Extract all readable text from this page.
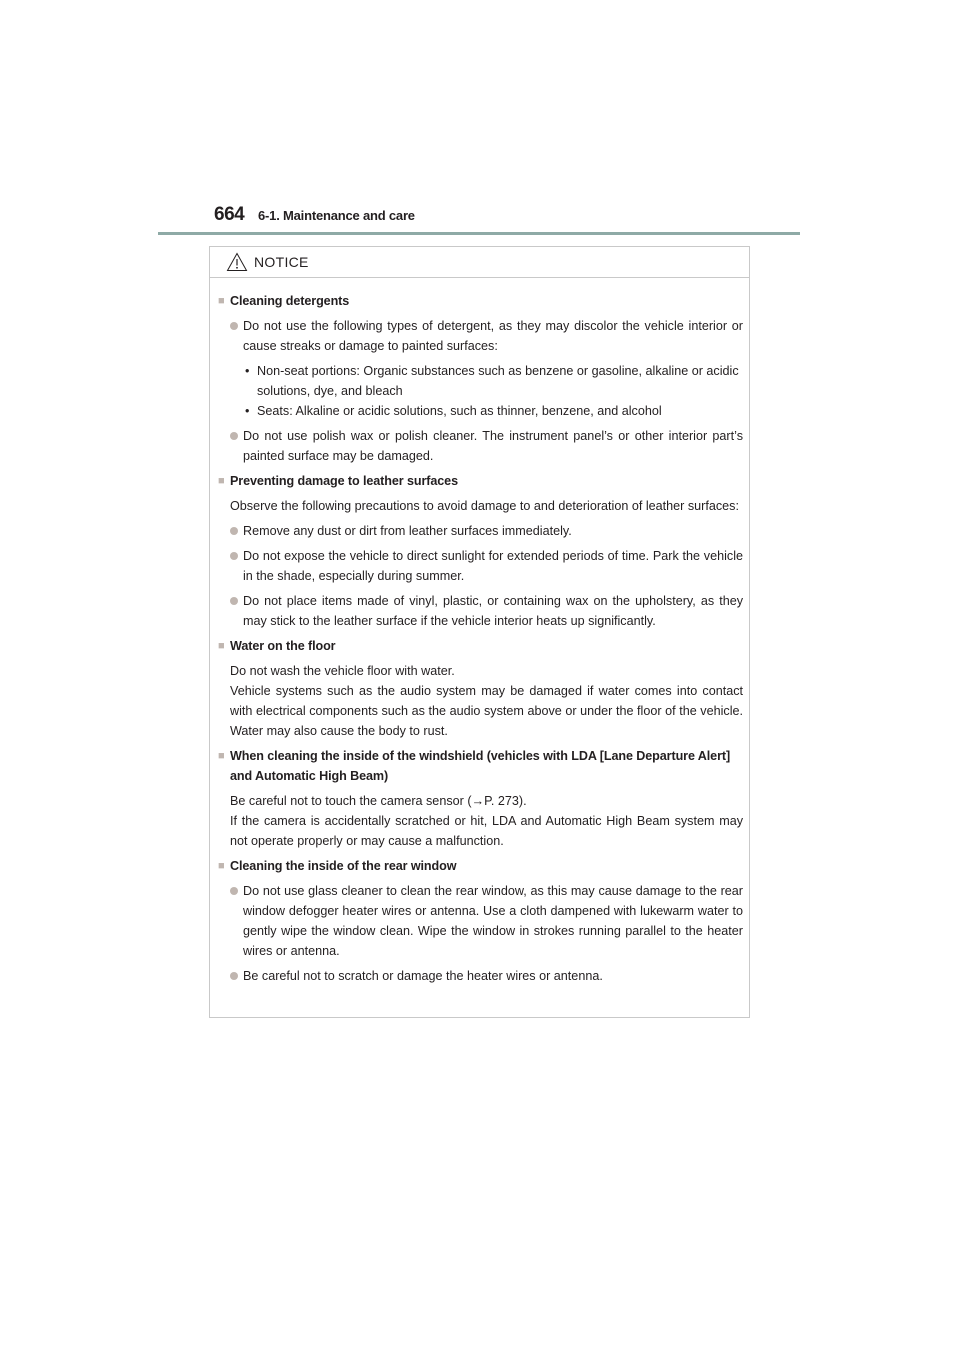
664	6-1. Maintenance and care
NOTICE
■ Cleaning detergents
Do not use the following types of detergent, as they may discolor the vehicle interior or cause streaks or damage to painted surfaces:
• Non-seat portions: Organic substances such as benzene or gasoline, alkaline or acidic solutions, dye, and bleach
• Seats: Alkaline or acidic solutions, such as thinner, benzene, and alcohol
Do not use polish wax or polish cleaner. The instrument panel’s or other interior part’s painted surface may be damaged.
■ Preventing damage to leather surfaces
Observe the following precautions to avoid damage to and deterioration of leather surfaces:
Remove any dust or dirt from leather surfaces immediately.
Do not expose the vehicle to direct sunlight for extended periods of time. Park the vehicle in the shade, especially during summer.
Do not place items made of vinyl, plastic, or containing wax on the upholstery, as they may stick to the leather surface if the vehicle interior heats up significantly.
■ Water on the floor
Do not wash the vehicle floor with water.
Vehicle systems such as the audio system may be damaged if water comes into contact with electrical components such as the audio system above or under the floor of the vehicle. Water may also cause the body to rust.
■ When cleaning the inside of the windshield (vehicles with LDA [Lane Departure Alert] and Automatic High Beam)
Be careful not to touch the camera sensor (→P. 273).
If the camera is accidentally scratched or hit, LDA and Automatic High Beam system may not operate properly or may cause a malfunction.
■ Cleaning the inside of the rear window
Do not use glass cleaner to clean the rear window, as this may cause damage to the rear window defogger heater wires or antenna. Use a cloth dampened with lukewarm water to gently wipe the window clean. Wipe the window in strokes running parallel to the heater wires or antenna.
Be careful not to scratch or damage the heater wires or antenna.
